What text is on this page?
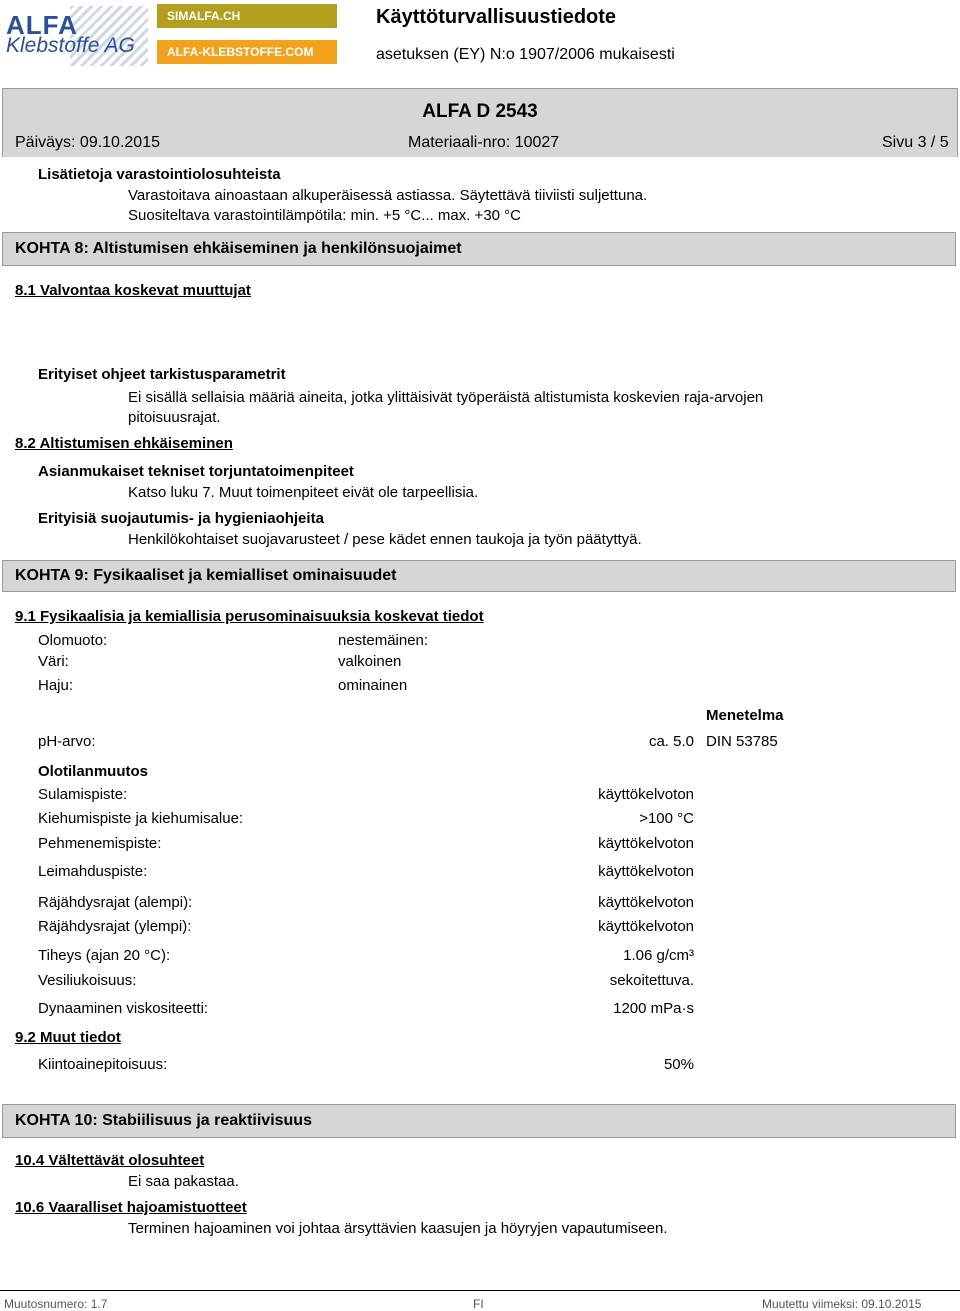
ALFA
Klebstoffe AG
SIMALFA.CH
ALFA-KLEBSTOFFE.COM
Käyttöturvallisuustiedote
asetuksen (EY) N:o 1907/2006 mukaisesti
ALFA D 2543
Päiväys: 09.10.2015	Materiaali-nro: 10027	Sivu 3 / 5
Lisätietoja varastointiolosuhteista
Varastoitava ainoastaan alkuperäisessä astiassa. Säytettävä tiiviisti suljettuna.
Suositeltava varastointilämpötila: min. +5 °C... max. +30 °C
KOHTA 8: Altistumisen ehkäiseminen ja henkilönsuojaimet
8.1 Valvontaa koskevat muuttujat
Erityiset ohjeet tarkistusparametrit
Ei sisällä sellaisia määriä aineita, jotka ylittäisivät työperäistä altistumista koskevien raja-arvojen
pitoisuusrajat.
8.2 Altistumisen ehkäiseminen
Asianmukaiset tekniset torjuntatoimenpiteet
Katso luku 7. Muut toimenpiteet eivät ole tarpeellisia.
Erityisiä suojautumis- ja hygieniaohjeita
Henkilökohtaiset suojavarusteet / pese kädet ennen taukoja ja työn päätyttyä.
KOHTA 9: Fysikaaliset ja kemialliset ominaisuudet
9.1 Fysikaalisia ja kemiallisia perusominaisuuksia koskevat tiedot
Olomuoto:	nestemäinen:
Väri:	valkoinen
Haju:	ominainen
Menetelma
pH-arvo:	ca. 5.0 DIN 53785
Olotilanmuutos
Sulamispiste:	käyttökelvoton
Kiehumispiste ja kiehumisalue:	>100 °C
Pehmenemispiste:	käyttökelvoton
Leimahduspiste:	käyttökelvoton
Räjähdysrajat (alempi):	käyttökelvoton
Räjähdysrajat (ylempi):	käyttökelvoton
Tiheys (ajan 20 °C):	1.06 g/cm³
Vesiliukoisuus:	sekoitettuva.
Dynaaminen viskositeetti:	1200 mPa·s
9.2 Muut tiedot
Kiintoainepitoisuus:	50%
KOHTA 10: Stabiilisuus ja reaktiivisuus
10.4 Vältettävät olosuhteet
Ei saa pakastaa.
10.6 Vaaralliset hajoamistuotteet
Terminen hajoaminen voi johtaa ärsyttävien kaasujen ja höyryjen vapautumiseen.
Muutosnumero: 1.7	FI	Muutettu viimeksi: 09.10.2015
